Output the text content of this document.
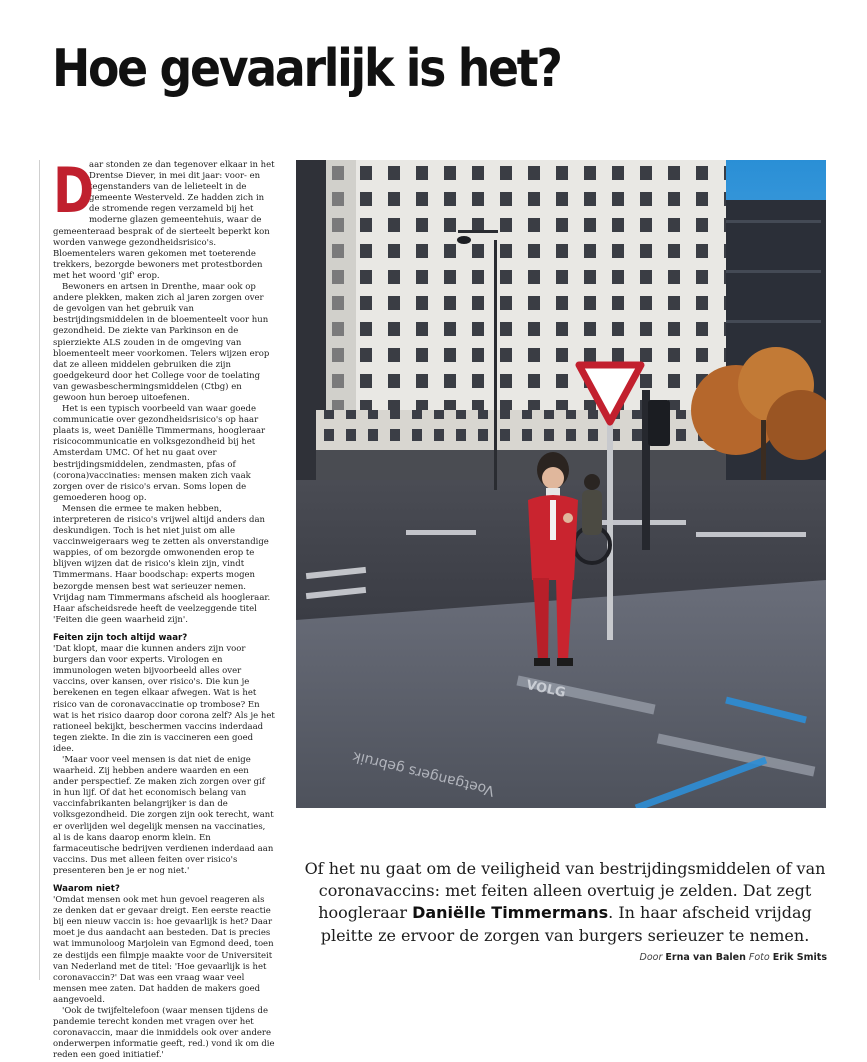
Hoe gevaarlijk is het?
D

aar stonden ze dan tegenover elkaar in het Drentse Diever, in mei dit jaar: voor- en tegenstanders van de lelieteelt in de gemeente Westerveld. Ze hadden zich in de stromende regen verzameld bij het moderne glazen gemeentehuis, waar de gemeenteraad besprak of de sierteelt beperkt kon worden vanwege gezondheidsrisico's. Bloementelers waren gekomen met toeterende trekkers, bezorgde bewoners met protestborden met het woord 'gif' erop.

Bewoners en artsen in Drenthe, maar ook op andere plekken, maken zich al jaren zorgen over de gevolgen van het gebruik van bestrijdingsmiddelen in de bloementeelt voor hun gezondheid. De ziekte van Parkinson en de spierziekte ALS zouden in de omgeving van bloementeelt meer voorkomen. Telers wijzen erop dat ze alleen middelen gebruiken die zijn goedgekeurd door het College voor de toelating van gewasbeschermingsmiddelen (Ctbg) en gewoon hun beroep uitoefenen.

Het is een typisch voorbeeld van waar goede communicatie over gezondheidsrisico's op haar plaats is, weet Daniëlle Timmermans, hoogleraar risicocommunicatie en volksgezondheid bij het Amsterdam UMC. Of het nu gaat over bestrijdingsmiddelen, zendmasten, pfas of (corona)vaccinaties: mensen maken zich vaak zorgen over de risico's ervan. Soms lopen de gemoederen hoog op.

Mensen die ermee te maken hebben, interpreteren de risico's vrijwel altijd anders dan deskundigen. Toch is het niet juist om alle vaccinweigeraars weg te zetten als onverstandige wappies, of om bezorgde omwonenden erop te blijven wijzen dat de risico's klein zijn, vindt Timmermans. Haar boodschap: experts mogen bezorgde mensen best wat serieuzer nemen. Vrijdag nam Timmermans afscheid als hoogleraar. Haar afscheidsrede heeft de veelzeggende titel 'Feiten die geen waarheid zijn'.

Feiten zijn toch altijd waar?

'Dat klopt, maar die kunnen anders zijn voor burgers dan voor experts. Virologen en immunologen weten bijvoorbeeld alles over vaccins, over kansen, over risico's. Die kun je berekenen en tegen elkaar afwegen. Wat is het risico van de coronavaccinatie op trombose? En wat is het risico daarop door corona zelf? Als je het rationeel bekijkt, beschermen vaccins inderdaad tegen ziekte. In die zin is vaccineren een goed idee.

'Maar voor veel mensen is dat niet de enige waarheid. Zij hebben andere waarden en een ander perspectief. Ze maken zich zorgen over gif in hun lijf. Of dat het economisch belang van vaccinfabrikanten belangrijker is dan de volksgezondheid. Die zorgen zijn ook terecht, want er overlijden wel degelijk mensen na vaccinaties, al is de kans daarop enorm klein. En farmaceutische bedrijven verdienen inderdaad aan vaccins. Dus met alleen feiten over risico's presenteren ben je er nog niet.'

Waarom niet?

'Omdat mensen ook met hun gevoel reageren als ze denken dat er gevaar dreigt. Een eerste reactie bij een nieuw vaccin is: hoe gevaarlijk is het? Daar moet je dus aandacht aan besteden. Dat is precies wat immunoloog Marjolein van Egmond deed, toen ze destijds een filmpje maakte voor de Universiteit van Nederland met de titel: 'Hoe gevaarlijk is het coronavaccin?' Dat was een vraag waar veel mensen mee zaten. Dat hadden de makers goed aangevoeld.

'Ook de twijfeltelefoon (waar mensen tijdens de pandemie terecht konden met vragen over het coronavaccin, maar die inmiddels ook over andere onderwerpen informatie geeft, red.) vond ik om die reden een goed initiatief.'

VOLG
Voetgangers gebruik
Of het nu gaat om de veiligheid van bestrijdingsmiddelen of van coronavaccins: met feiten alleen overtuig je zelden. Dat zegt hoogleraar Daniëlle Timmermans. In haar afscheid vrijdag pleitte ze ervoor de zorgen van burgers serieuzer te nemen.
Door Erna van Balen Foto Erik Smits
